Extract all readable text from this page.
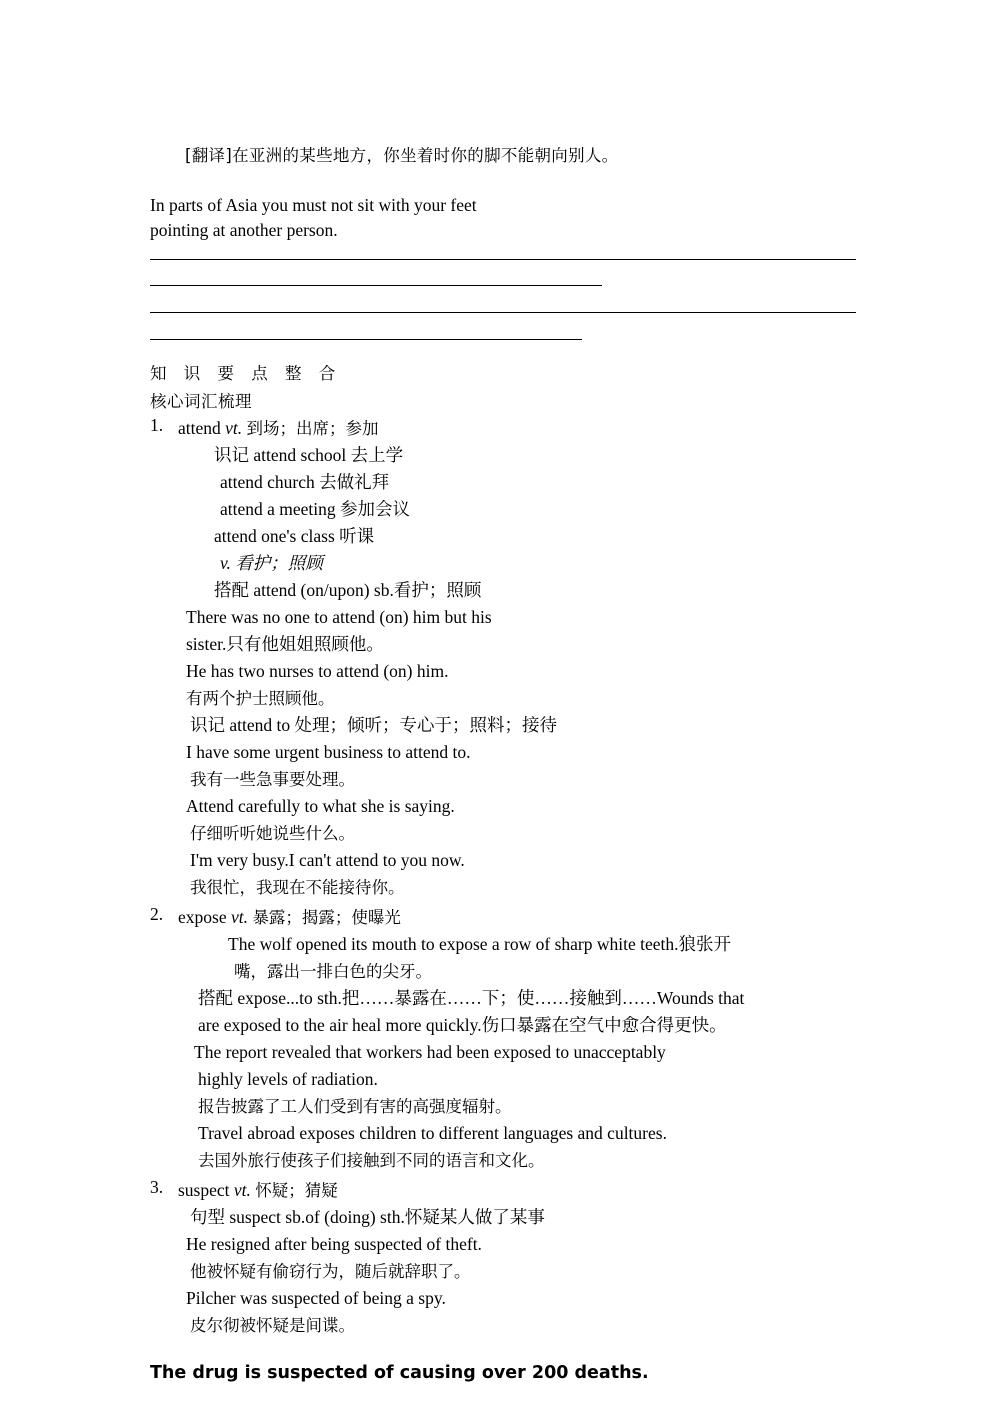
[翻译]在亚洲的某些地方，你坐着时你的脚不能朝向别人。

In parts of Asia you must not sit with your feet
pointing at another person.
知 识 要 点 整 合
核心词汇梳理
1. attend vt. 到场；出席；参加
识记 attend school 去上学
attend church 去做礼拜
attend a meeting 参加会议
attend one's class 听课
v. 看护；照顾
搭配 attend (on/upon) sb.看护；照顾
There was no one to attend (on) him but his
sister.只有他姐姐照顾他。
He has two nurses to attend (on) him.
有两个护士照顾他。
识记 attend to 处理；倾听；专心于；照料；接待
I have some urgent business to attend to.
我有一些急事要处理。
Attend carefully to what she is saying.
仔细听听她说些什么。
I'm very busy.I can't attend to you now.
我很忙，我现在不能接待你。
2. expose vt. 暴露；揭露；使曝光
The wolf opened its mouth to expose a row of sharp white teeth.狼张开
嘴，露出一排白色的尖牙。
搭配 expose...to sth.把……暴露在……下；使……接触到……Wounds that
are exposed to the air heal more quickly.伤口暴露在空气中愈合得更快。
The report revealed that workers had been exposed to unacceptably
highly levels of radiation.
报告披露了工人们受到有害的高强度辐射。
Travel abroad exposes children to different languages and cultures.
去国外旅行使孩子们接触到不同的语言和文化。
3. suspect vt. 怀疑；猜疑
句型 suspect sb.of (doing) sth.怀疑某人做了某事
He resigned after being suspected of theft.
他被怀疑有偷窃行为，随后就辞职了。
Pilcher was suspected of being a spy.
皮尔彻被怀疑是间谍。
The drug is suspected of causing over 200 deaths.
